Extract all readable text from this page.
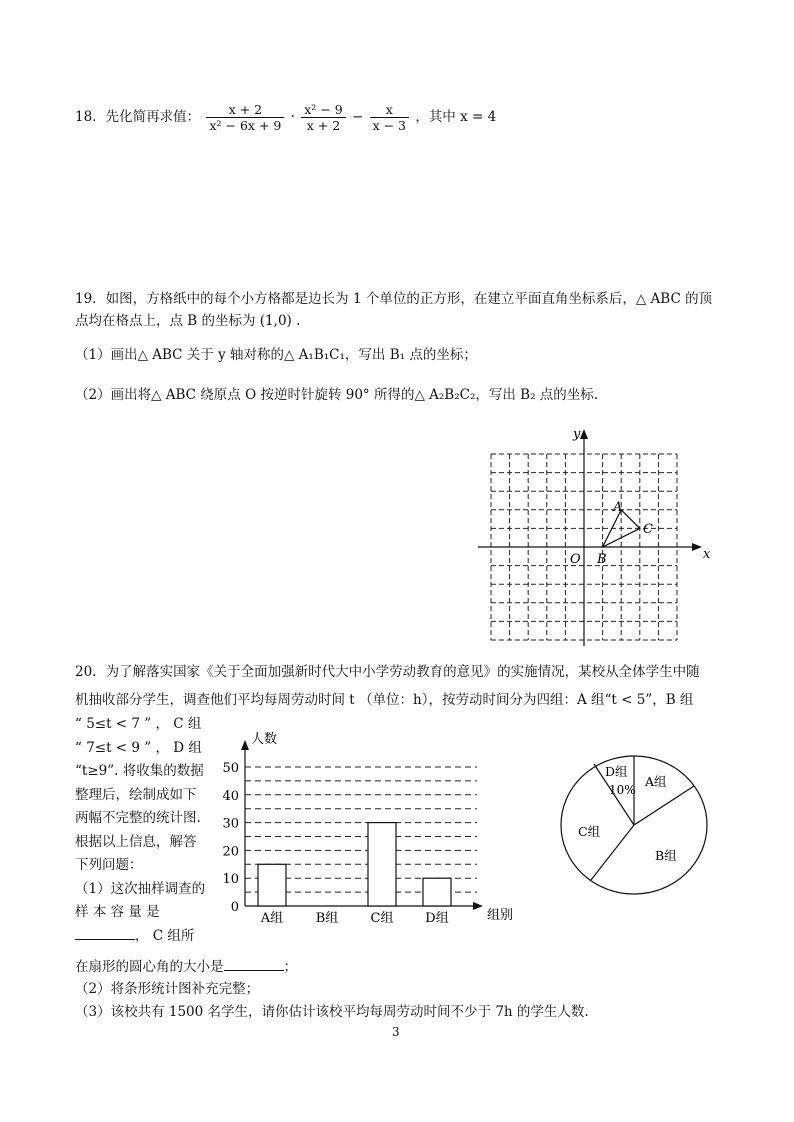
18．先化简再求值： $\frac{x + 2}{\text{x² − 6x + 9}} \cdot \frac{\text{x² − 9}}{x + 2} - \frac{x}{x - 3}$ ，其中 x = 4
19．如图，方格纸中的每个小方格都是边长为 1 个单位的正方形，在建立平面直角坐标系后，△ ABC 的顶
点均在格点上，点 B 的坐标为 (1,0) .
（1）画出△ ABC 关于 y 轴对称的△ A₁B₁C₁，写出 B₁ 点的坐标；
（2）画出将△ ABC 绕原点 O 按逆时针旋转 90° 所得的△ A₂B₂C₂，写出 B₂ 点的坐标.
x
y
O
A
B
C
20．为了解落实国家《关于全面加强新时代大中小学劳动教育的意见》的实施情况，某校从全体学生中随
机抽收部分学生，调查他们平均每周劳动时间 t （单位：h），按劳动时间分为四组：A 组“t < 5”，B 组
“ 5≤t < 7 ” ， C 组
“ 7≤t < 9 ” ， D 组
“t≥9”. 将收集的数据
整理后，绘制成如下
两幅不完整的统计图.
根据以上信息，解答
下列问题：
（1）这次抽样调查的
样 本 容 量 是
， C 组所
在扇形的圆心角的大小是	；
（2）将条形统计图补充完整；
（3）该校共有 1500 名学生，请你估计该校平均每周劳动时间不少于 7h 的学生人数.
0
10
20
30
40
50
人数
组别
A组	B组 C组 D组
A组
B组
C组
D组
10%
3
